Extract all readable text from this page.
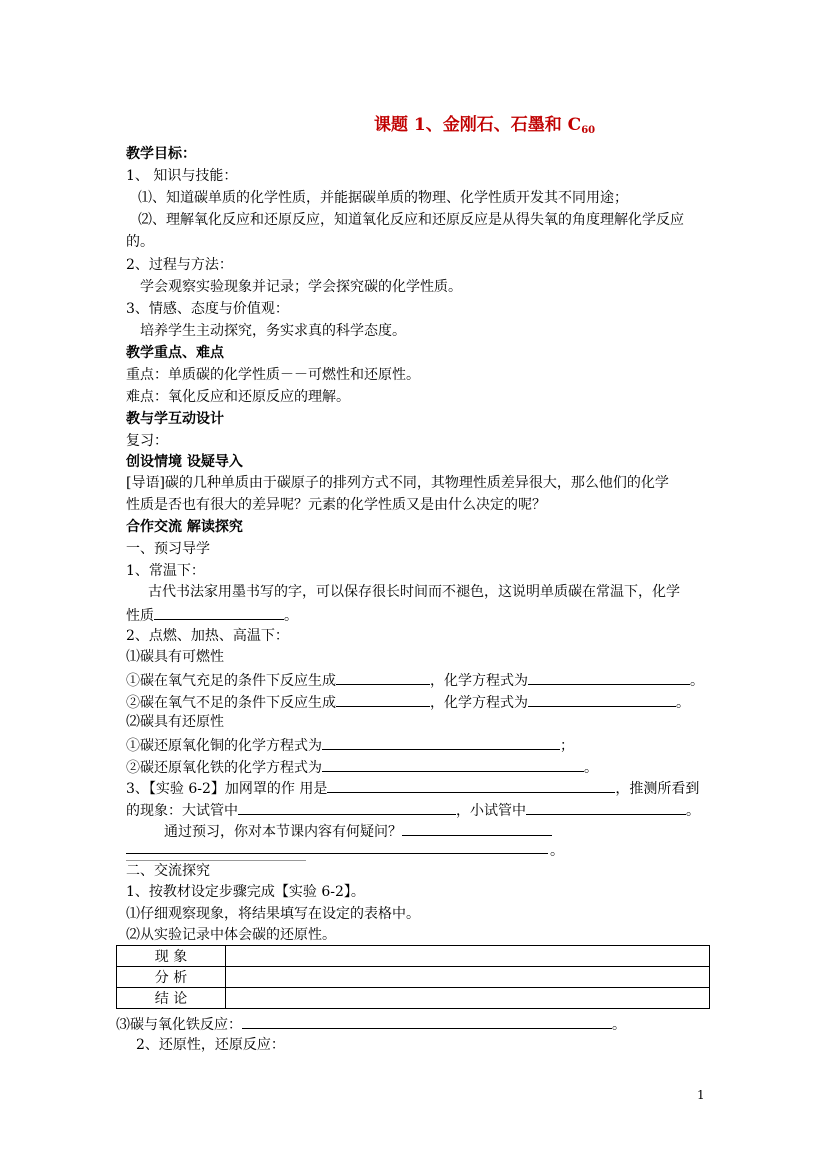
课题 1、金刚石、石墨和 $C_{60}$
教学目标：
1、 知识与技能：
⑴、知道碳单质的化学性质，并能据碳单质的物理、化学性质开发其不同用途；
⑵、理解氧化反应和还原反应，知道氧化反应和还原反应是从得失氧的角度理解化学反应
的。
2、过程与方法：
学会观察实验现象并记录；学会探究碳的化学性质。
3、情感、态度与价值观：
培养学生主动探究，务实求真的科学态度。
教学重点、难点
重点：单质碳的化学性质－－可燃性和还原性。
难点：氧化反应和还原反应的理解。
教与学互动设计
复习：
创设情境 设疑导入
[导语]碳的几种单质由于碳原子的排列方式不同，其物理性质差异很大，那么他们的化学
性质是否也有很大的差异呢？元素的化学性质又是由什么决定的呢？
合作交流 解读探究
一、预习导学
1、常温下：
古代书法家用墨书写的字，可以保存很长时间而不褪色，这说明单质碳在常温下，化学
性质	。
2、点燃、加热、高温下：
⑴碳具有可燃性
①碳在氧气充足的条件下反应生成	，化学方程式为	。
②碳在氧气不足的条件下反应生成	，化学方程式为	。
⑵碳具有还原性
①碳还原氧化铜的化学方程式为	；
②碳还原氧化铁的化学方程式为	。
3、【实验 6-2】加网罩的作 用是	，推测所看到
的现象：大试管中	，小试管中	。
通过预习，你对本节课内容有何疑问？
。
二、交流探究
1、按教材设定步骤完成【实验 6-2】。
⑴仔细观察现象，将结果填写在设定的表格中。
⑵从实验记录中体会碳的还原性。
现 象	
分 析	
结 论	
⑶碳与氧化铁反应：	。
2、还原性，还原反应：
1
